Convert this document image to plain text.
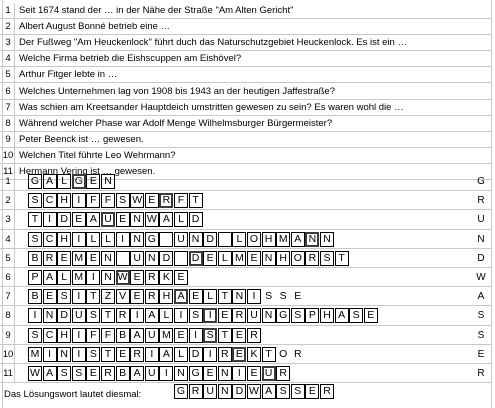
1 Seit 1674 stand der … in der Nähe der Straße "Am Alten Gericht"
2 Albert August Bonné betrieb eine …
3 Der Fußweg "Am Heuckenlock" führt duch das Naturschutzgebiet Heuckenlock. Es ist ein …
4 Welche Firma betrieb die Eishscuppen am Eishövel?
5 Arthur Fitger lebte in …
6 Welches Unternehmen lag von 1908 bis 1943 an der heutigen Jaffestraße?
7 Was schien am Kreetsander Hauptdeich umstritten gewesen zu sein? Es waren wohl die …
8 Während welcher Phase war Adolf Menge Wilhelmsburger Bürgermeister?
9 Peter Beenck ist … gewesen.
10 Welchen Titel führte Leo Wehrmann?
11 Hermann Vering ist … gewesen.
1	G A L G E N	G
2	S C H I F F S W E R F T	R
3	T I D E A U E N W A L D	U
4	S C H I L L I N G	U N D	L O H M A N N	N
5	B R E M E N	U N D	D E L M E N H O R S T	D
6	P A L M I N W E R K E	W
7	B E S I T Z V E R H A E L T N I S S E	A
8	I N D U S T R I A L I S I E R U N G S P H A S E	S
9	S C H I F F B A U M E I S T E R	S
10 M I N I S T E R I A L D I R E K T O R	E
11 W A S S E R B A U I N G E N I E U R	R
Das Lösungswort lautet diesmal:	G R U N D W A S S E R
